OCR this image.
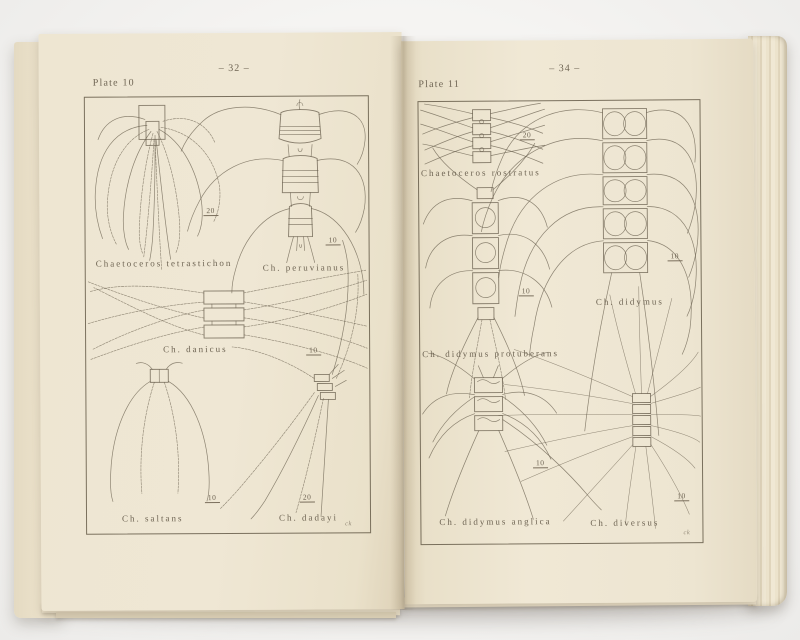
Plate 10
– 32 –
Chaetoceros tetrastichon	Ch. peruvianus
Ch. danicus
Ch. saltans	Ch. dadayi
20
10
10
10	20
ck
Plate 11
– 34 –
Chaetoceros rostratus
Ch. didymus
Ch. didymus protuberans
Ch. didymus anglica	Ch. diversus
20
10
10
10
10
ck
